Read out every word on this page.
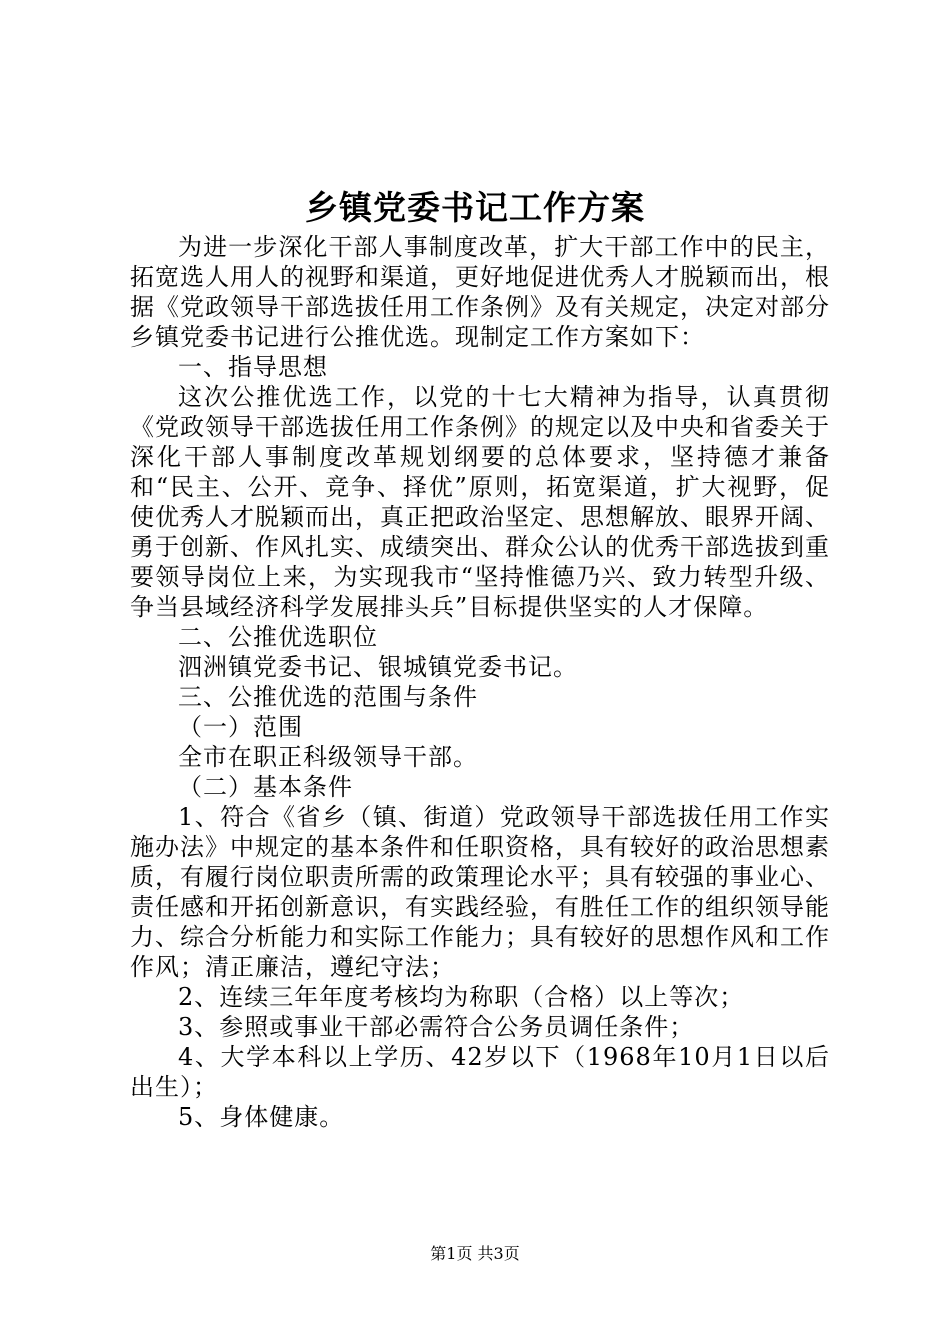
乡镇党委书记工作方案

为进一步深化干部人事制度改革，扩大干部工作中的民主，拓宽选人用人的视野和渠道，更好地促进优秀人才脱颖而出，根据《党政领导干部选拔任用工作条例》及有关规定，决定对部分乡镇党委书记进行公推优选。现制定工作方案如下：

一、指导思想

这次公推优选工作，以党的十七大精神为指导，认真贯彻《党政领导干部选拔任用工作条例》的规定以及中央和省委关于深化干部人事制度改革规划纲要的总体要求，坚持德才兼备和“民主、公开、竞争、择优”原则，拓宽渠道，扩大视野，促使优秀人才脱颖而出，真正把政治坚定、思想解放、眼界开阔、勇于创新、作风扎实、成绩突出、群众公认的优秀干部选拔到重要领导岗位上来，为实现我市“坚持惟德乃兴、致力转型升级、争当县域经济科学发展排头兵”目标提供坚实的人才保障。

二、公推优选职位

泗洲镇党委书记、银城镇党委书记。

三、公推优选的范围与条件

（一）范围

全市在职正科级领导干部。

（二）基本条件

1、符合《省乡（镇、街道）党政领导干部选拔任用工作实施办法》中规定的基本条件和任职资格，具有较好的政治思想素质，有履行岗位职责所需的政策理论水平；具有较强的事业心、责任感和开拓创新意识，有实践经验，有胜任工作的组织领导能力、综合分析能力和实际工作能力；具有较好的思想作风和工作作风；清正廉洁，遵纪守法；

2、连续三年年度考核均为称职（合格）以上等次；

3、参照或事业干部必需符合公务员调任条件；

4、大学本科以上学历、42岁以下（1968年10月1日以后出生）；

5、身体健康。

第1页 共3页
